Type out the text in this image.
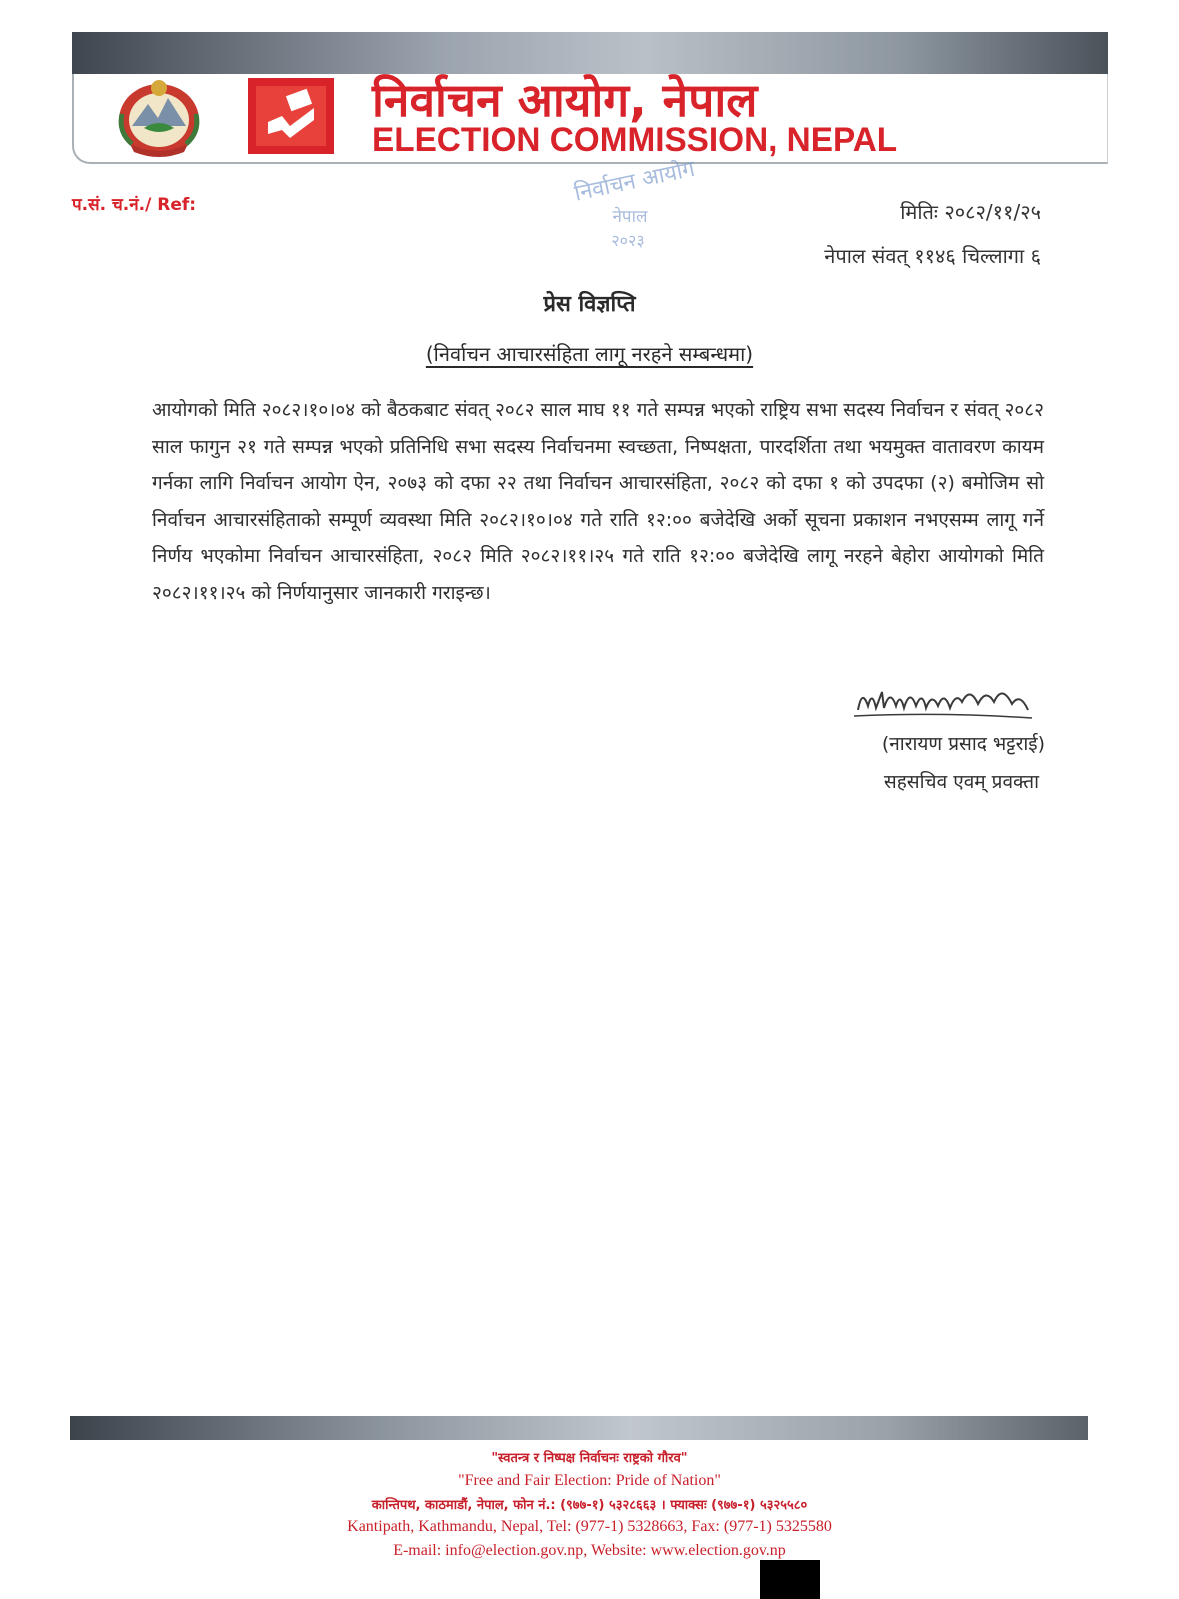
निर्वाचन आयोग, नेपाल
ELECTION COMMISSION, NEPAL
निर्वाचन आयोग
नेपाल
२०२३
प.सं. च.नं./ Ref:	मितिः २०८२/११/२५
नेपाल संवत् ११४६ चिल्लागा ६
प्रेस विज्ञप्ति
(निर्वाचन आचारसंहिता लागू नरहने सम्बन्धमा)

आयोगको मिति २०८२।१०।०४ को बैठकबाट संवत् २०८२ साल माघ ११ गते सम्पन्न भएको राष्ट्रिय सभा सदस्य निर्वाचन र संवत् २०८२ साल फागुन २१ गते सम्पन्न भएको प्रतिनिधि सभा सदस्य निर्वाचनमा स्वच्छता, निष्पक्षता, पारदर्शिता तथा भयमुक्त वातावरण कायम गर्नका लागि निर्वाचन आयोग ऐन, २०७३ को दफा २२ तथा निर्वाचन आचारसंहिता, २०८२ को दफा १ को उपदफा (२) बमोजिम सो निर्वाचन आचारसंहिताको सम्पूर्ण व्यवस्था मिति २०८२।१०।०४ गते राति १२:०० बजेदेखि अर्को सूचना प्रकाशन नभएसम्म लागू गर्ने निर्णय भएकोमा निर्वाचन आचारसंहिता, २०८२ मिति २०८२।११।२५ गते राति १२:०० बजेदेखि लागू नरहने बेहोरा आयोगको मिति २०८२।११।२५ को निर्णयानुसार जानकारी गराइन्छ।

(नारायण प्रसाद भट्टराई)
सहसचिव एवम् प्रवक्ता
"स्वतन्त्र र निष्पक्ष निर्वाचनः राष्ट्रको गौरव"
"Free and Fair Election: Pride of Nation"
कान्तिपथ, काठमाडौं, नेपाल, फोन नं.: (९७७-१) ५३२८६६३ । फ्याक्सः (९७७-१) ५३२५५८०
Kantipath, Kathmandu, Nepal, Tel: (977-1) 5328663, Fax: (977-1) 5325580
E-mail: info@election.gov.np, Website: www.election.gov.np
